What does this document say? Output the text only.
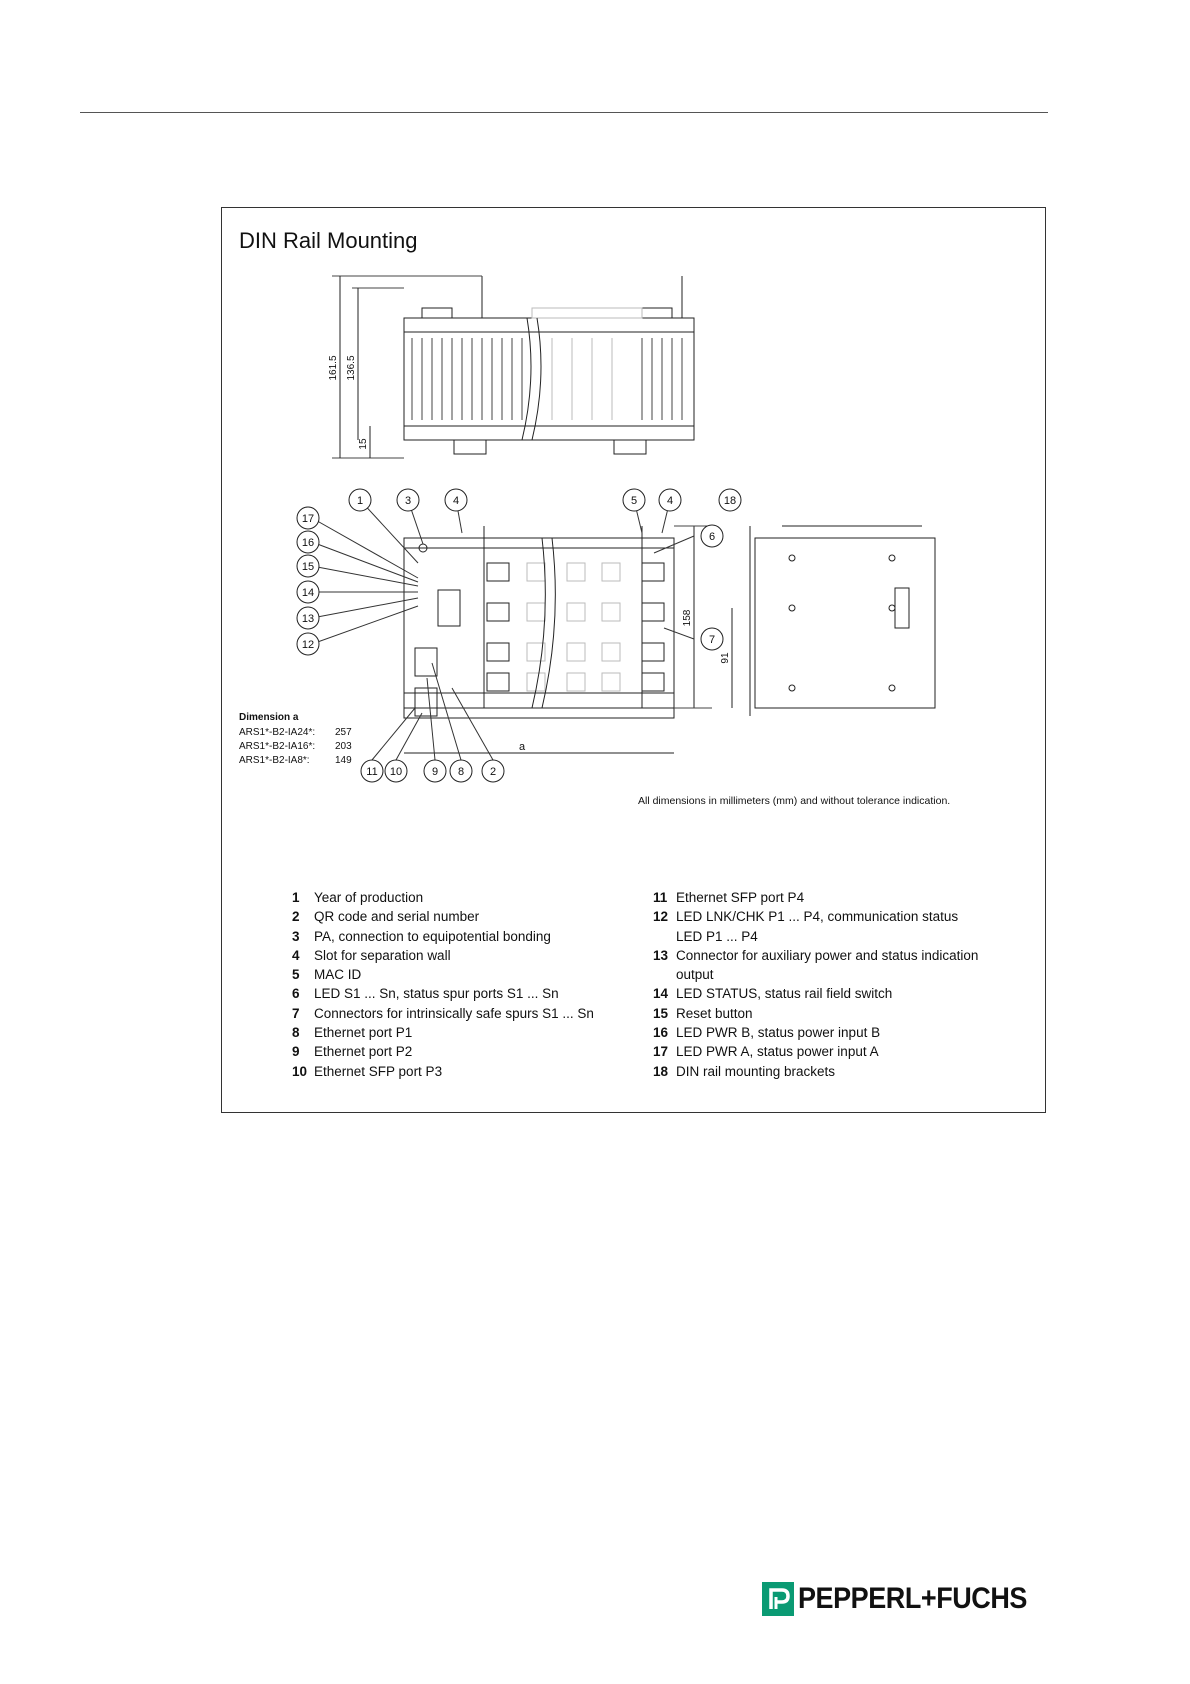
DIN Rail Mounting
1	3	4	5	4	18
17
16
15
14
13
12
6
7
11 10	9 8 2
a
161.5 136.5
15
158
91
Dimension a
ARS1*-B2-IA24*:	257
ARS1*-B2-IA16*:	203
ARS1*-B2-IA8*:	149
All dimensions in millimeters (mm) and without tolerance indication.
1	Year of production
2	QR code and serial number
3	PA, connection to equipotential bonding
4	Slot for separation wall
5	MAC ID
6	LED S1 ... Sn, status spur ports S1 ... Sn
7	Connectors for intrinsically safe spurs S1 ... Sn
8	Ethernet port P1
9	Ethernet port P2
10 Ethernet SFP port P3
11 Ethernet SFP port P4
12 LED LNK/CHK P1 ... P4, communication status LED P1 ... P4
13 Connector for auxiliary power and status indication output
14 LED STATUS, status rail field switch
15 Reset button
16 LED PWR B, status power input B
17 LED PWR A, status power input A
18 DIN rail mounting brackets
PEPPERL+FUCHS
